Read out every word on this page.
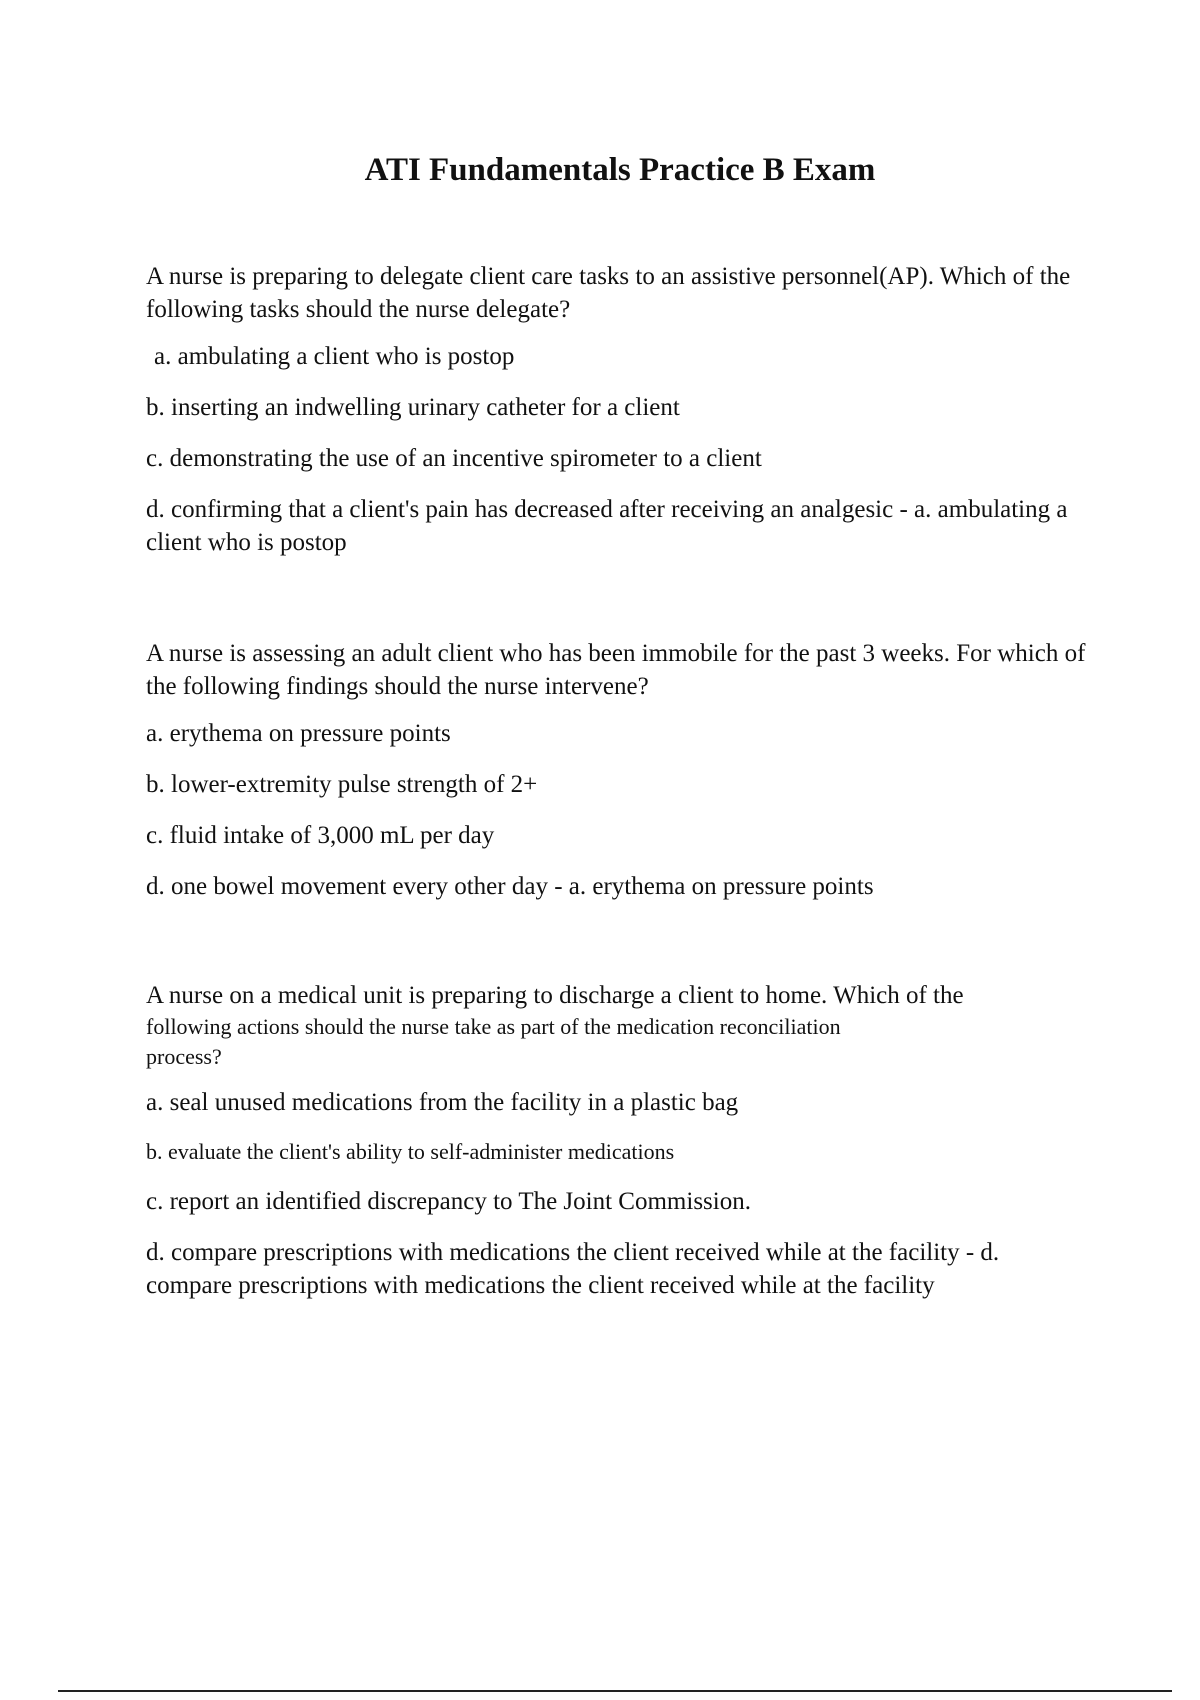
ATI Fundamentals Practice B Exam

A nurse is preparing to delegate client care tasks to an assistive personnel(AP). Which of the following tasks should the nurse delegate?

a. ambulating a client who is postop

b. inserting an indwelling urinary catheter for a client

c. demonstrating the use of an incentive spirometer to a client

d. confirming that a client's pain has decreased after receiving an analgesic - a. ambulating a client who is postop

A nurse is assessing an adult client who has been immobile for the past 3 weeks. For which of the following findings should the nurse intervene?

a. erythema on pressure points

b. lower-extremity pulse strength of 2+

c. fluid intake of 3,000 mL per day

d. one bowel movement every other day - a. erythema on pressure points

A nurse on a medical unit is preparing to discharge a client to home. Which of the

following actions should the nurse take as part of the medication reconciliation

process?

a. seal unused medications from the facility in a plastic bag

b. evaluate the client's ability to self-administer medications

c. report an identified discrepancy to The Joint Commission.

d. compare prescriptions with medications the client received while at the facility - d. compare prescriptions with medications the client received while at the facility
